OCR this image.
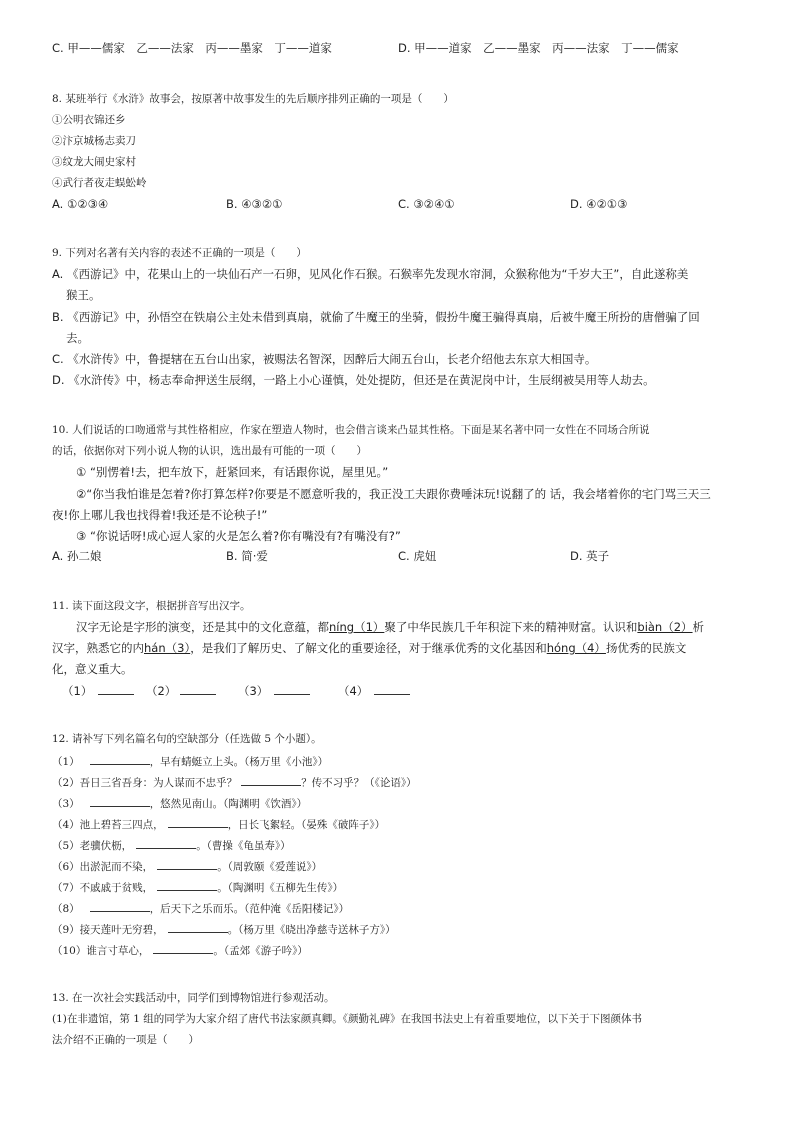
C. 甲——儒家　乙——法家　丙——墨家　丁——道家	D. 甲——道家　乙——墨家　丙——法家　丁——儒家
8. 某班举行《水浒》故事会，按原著中故事发生的先后顺序排列正确的一项是（　　）
①公明衣锦还乡
②汴京城杨志卖刀
③纹龙大闹史家村
④武行者夜走蜈蚣岭
A. ①②③④	B. ④③②①	C. ③②④①	D. ④②①③
9. 下列对名著有关内容的表述不正确的一项是（　　）
A. 《西游记》中，花果山上的一块仙石产一石卵，见风化作石猴。石猴率先发现水帘洞，众猴称他为“千岁大王”，自此遂称美
猴王。
B. 《西游记》中，孙悟空在铁扇公主处未借到真扇，就偷了牛魔王的坐骑，假扮牛魔王骗得真扇，后被牛魔王所扮的唐僧骗了回
去。
C. 《水浒传》中，鲁提辖在五台山出家，被赐法名智深，因醉后大闹五台山，长老介绍他去东京大相国寺。
D. 《水浒传》中，杨志奉命押送生辰纲，一路上小心谨慎，处处提防，但还是在黄泥岗中计，生辰纲被吴用等人劫去。
10. 人们说话的口吻通常与其性格相应，作家在塑造人物时，也会借言谈来凸显其性格。下面是某名著中同一女性在不同场合所说
的话，依据你对下列小说人物的认识，选出最有可能的一项（　　）
① “别愣着!去，把车放下，赶紧回来，有话跟你说，屋里见。”
②“你当我怕谁是怎着?你打算怎样?你要是不愿意听我的，我正没工夫跟你费唾沫玩!说翻了的 话，我会堵着你的宅门骂三天三
夜!你上哪儿我也找得着!我还是不论秧子!”
③ “你说话呀!成心逗人家的火是怎么着?你有嘴没有?有嘴没有?”
A. 孙二娘	B. 简·爱	C. 虎妞	D. 英子
11. 读下面这段文字，根据拼音写出汉字。
汉字无论是字形的演变，还是其中的文化意蕴，都níng（1）聚了中华民族几千年积淀下来的精神财富。认识和biàn（2）析
汉字，熟悉它的内hán（3），是我们了解历史、了解文化的重要途径，对于继承优秀的文化基因和hóng（4）扬优秀的民族文
化，意义重大。
（1）	（2）	（3）	（4）
12. 请补写下列名篇名句的空缺部分（任选做 5 个小题）。
（1）	，早有蜻蜓立上头。（杨万里《小池》）
（2）吾日三省吾身：为人谋而不忠乎？	？传不习乎？（《论语》）
（3）	，悠然见南山。（陶渊明《饮酒》）
（4）池上碧苔三四点，	，日长飞絮轻。（晏殊《破阵子》）
（5）老骥伏枥，	。（曹操《龟虽寿》）
（6）出淤泥而不染，	。（周敦颐《爱莲说》）
（7）不戚戚于贫贱，	。（陶渊明《五柳先生传》）
（8）	，后天下之乐而乐。（范仲淹《岳阳楼记》）
（9）接天莲叶无穷碧，	。（杨万里《晓出净慈寺送林子方》）
（10）谁言寸草心，	。（孟郊《游子吟》）
13. 在一次社会实践活动中，同学们到博物馆进行参观活动。
(1)在非遗馆，第 1 组的同学为大家介绍了唐代书法家颜真卿。《颜勤礼碑》在我国书法史上有着重要地位，以下关于下图颜体书
法介绍不正确的一项是（　　）
